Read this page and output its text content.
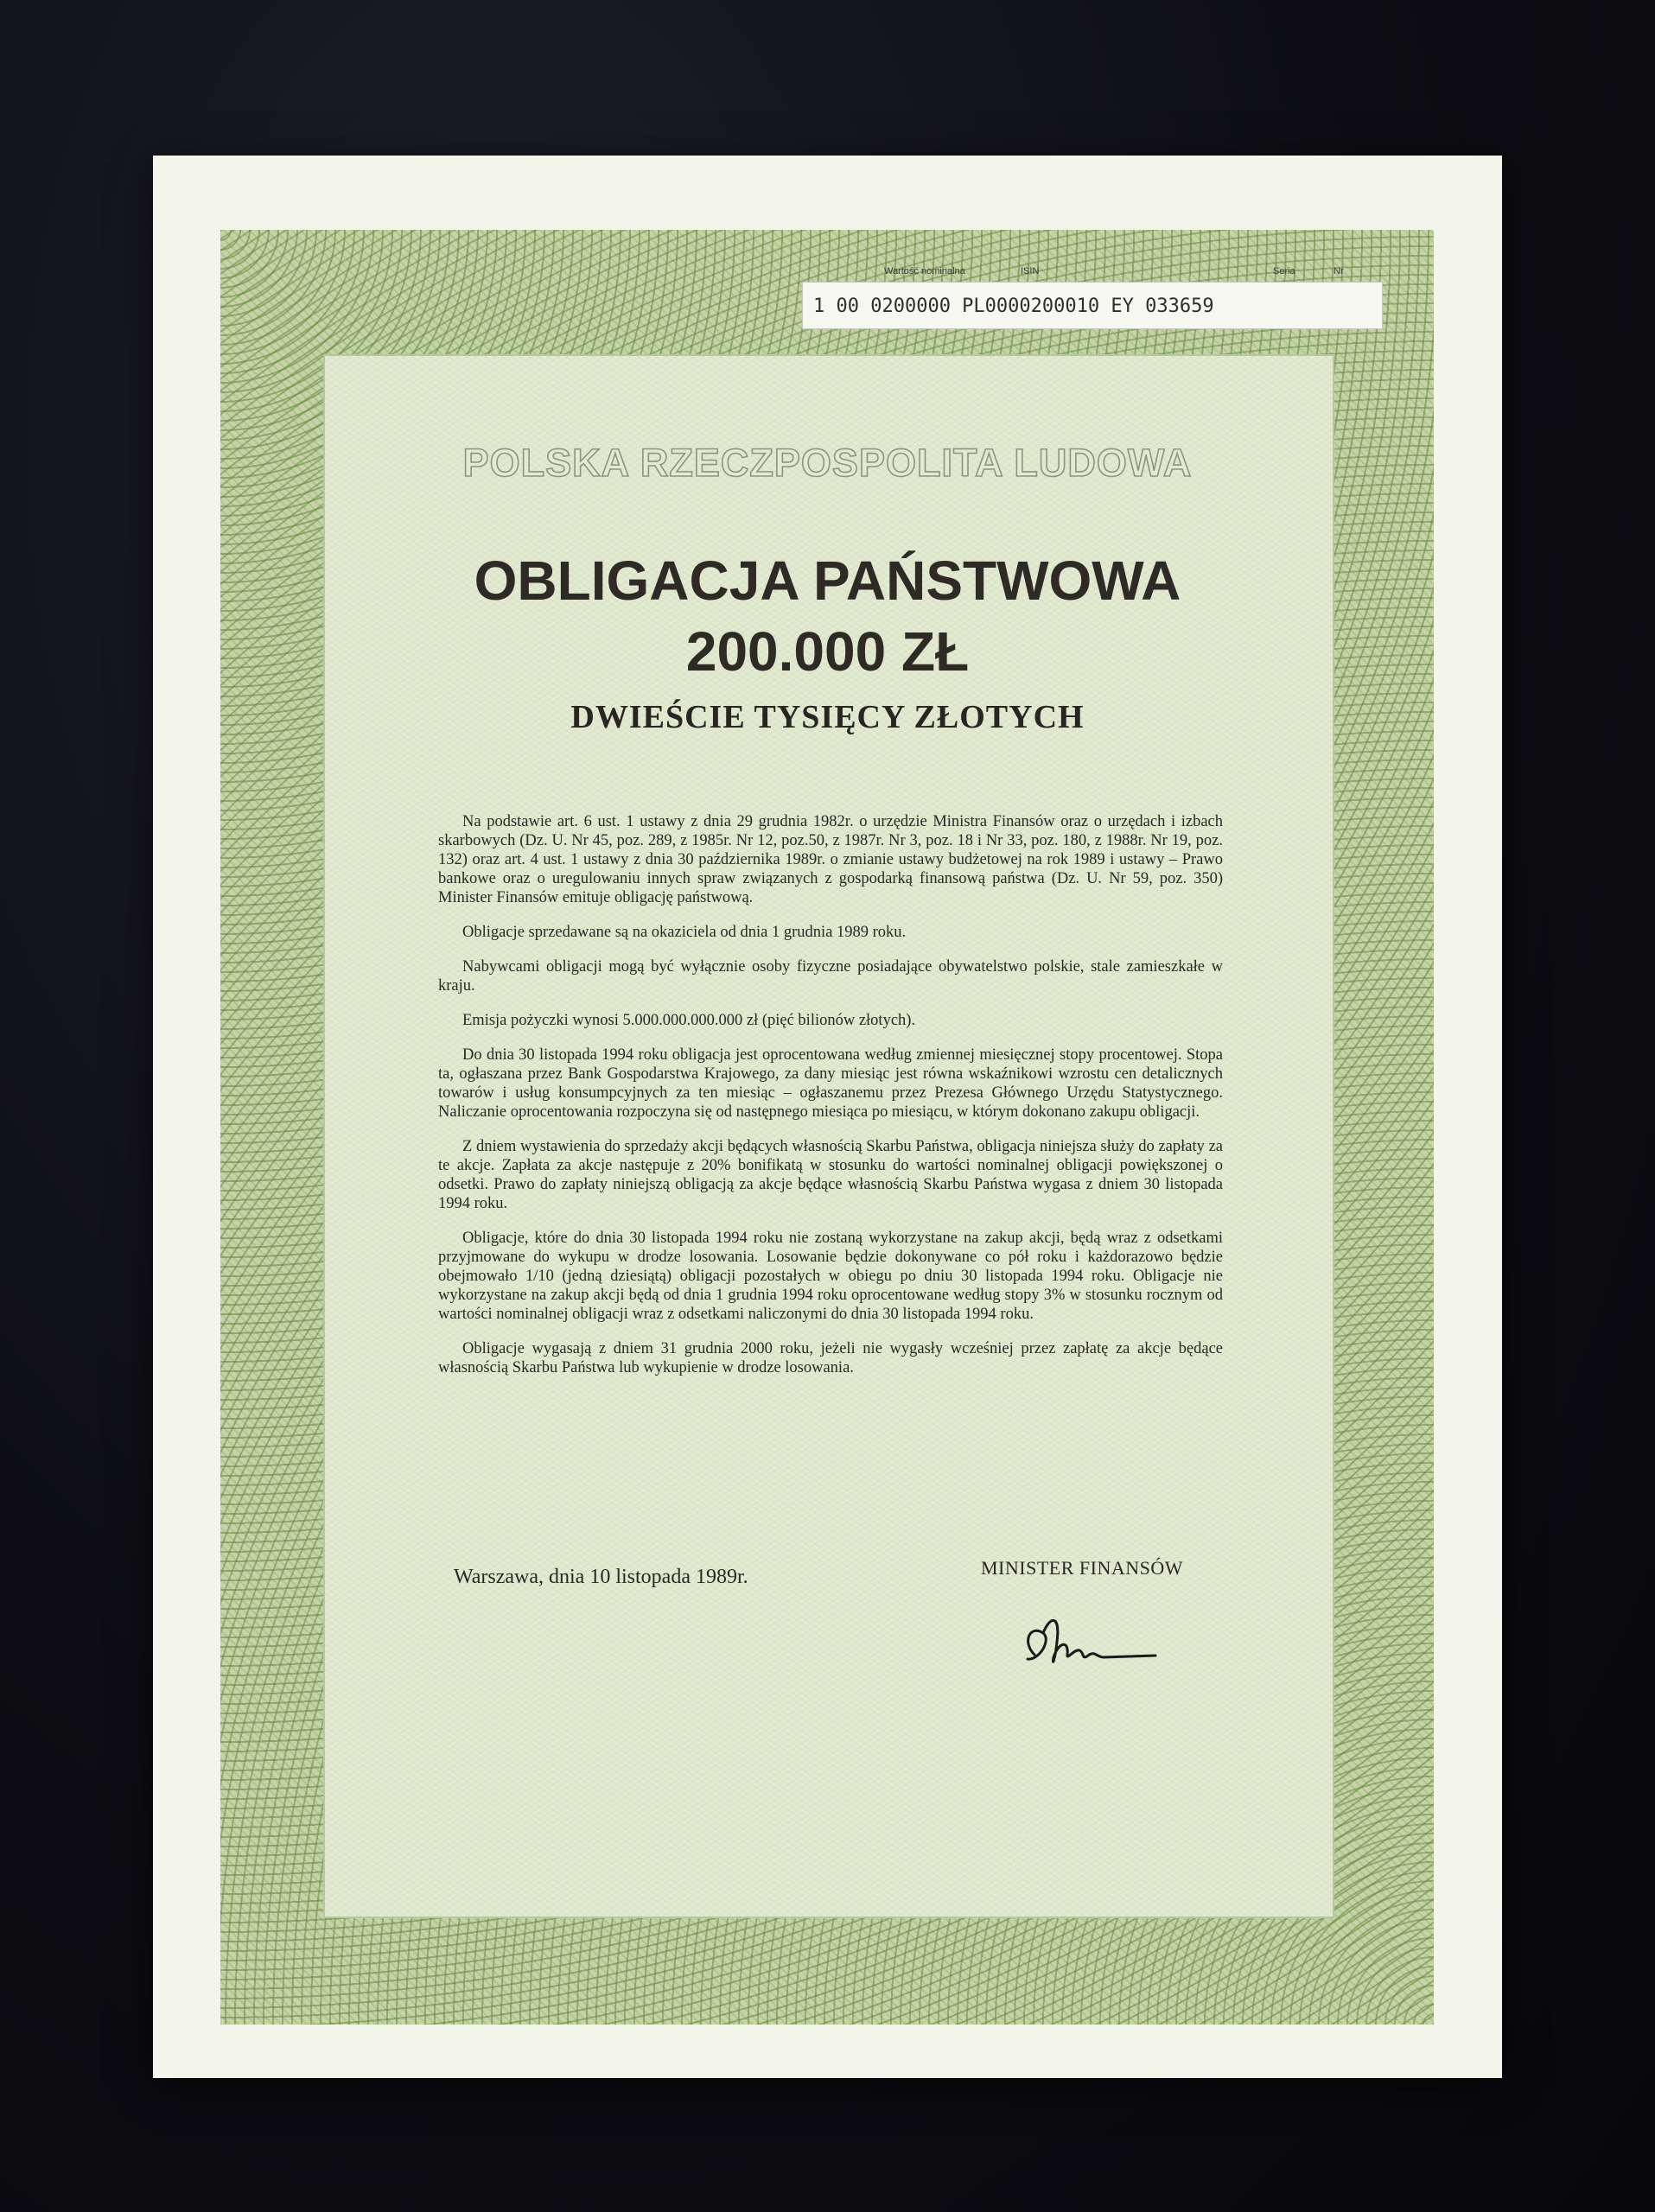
Wartość nominalna	ISIN	Seria	Nr
1 00 0200000 PL0000200010 EY 033659
POLSKA RZECZPOSPOLITA LUDOWA
OBLIGACJA PAŃSTWOWA
200.000 ZŁ
DWIEŚCIE TYSIĘCY ZŁOTYCH

Na podstawie art. 6 ust. 1 ustawy z dnia 29 grudnia 1982r. o urzędzie Ministra Finansów oraz o urzędach i izbach skarbowych (Dz. U. Nr 45, poz. 289, z 1985r. Nr 12, poz.50, z 1987r. Nr 3, poz. 18 i Nr 33, poz. 180, z 1988r. Nr 19, poz. 132) oraz art. 4 ust. 1 ustawy z dnia 30 października 1989r. o zmianie ustawy budżetowej na rok 1989 i ustawy – Prawo bankowe oraz o uregulowaniu innych spraw związanych z gospodarką finansową państwa (Dz. U. Nr 59, poz. 350) Minister Finansów emituje obligację państwową.

Obligacje sprzedawane są na okaziciela od dnia 1 grudnia 1989 roku.

Nabywcami obligacji mogą być wyłącznie osoby fizyczne posiadające obywatelstwo polskie, stale zamieszkałe w kraju.

Emisja pożyczki wynosi 5.000.000.000.000 zł (pięć bilionów złotych).

Do dnia 30 listopada 1994 roku obligacja jest oprocentowana według zmiennej miesięcznej stopy procentowej. Stopa ta, ogłaszana przez Bank Gospodarstwa Krajowego, za dany miesiąc jest równa wskaźnikowi wzrostu cen detalicznych towarów i usług konsumpcyjnych za ten miesiąc – ogłaszanemu przez Prezesa Głównego Urzędu Statystycznego. Naliczanie oprocentowania rozpoczyna się od następnego miesiąca po miesiącu, w którym dokonano zakupu obligacji.

Z dniem wystawienia do sprzedaży akcji będących własnością Skarbu Państwa, obligacja niniejsza służy do zapłaty za te akcje. Zapłata za akcje następuje z 20% bonifikatą w stosunku do wartości nominalnej obligacji powiększonej o odsetki. Prawo do zapłaty niniejszą obligacją za akcje będące własnością Skarbu Państwa wygasa z dniem 30 listopada 1994 roku.

Obligacje, które do dnia 30 listopada 1994 roku nie zostaną wykorzystane na zakup akcji, będą wraz z odsetkami przyjmowane do wykupu w drodze losowania. Losowanie będzie dokonywane co pół roku i każdorazowo będzie obejmowało 1/10 (jedną dziesiątą) obligacji pozostałych w obiegu po dniu 30 listopada 1994 roku. Obligacje nie wykorzystane na zakup akcji będą od dnia 1 grudnia 1994 roku oprocentowane według stopy 3% w stosunku rocznym od wartości nominalnej obligacji wraz z odsetkami naliczonymi do dnia 30 listopada 1994 roku.

Obligacje wygasają z dniem 31 grudnia 2000 roku, jeżeli nie wygasły wcześniej przez zapłatę za akcje będące własnością Skarbu Państwa lub wykupienie w drodze losowania.

Warszawa, dnia 10 listopada 1989r.	MINISTER FINANSÓW
